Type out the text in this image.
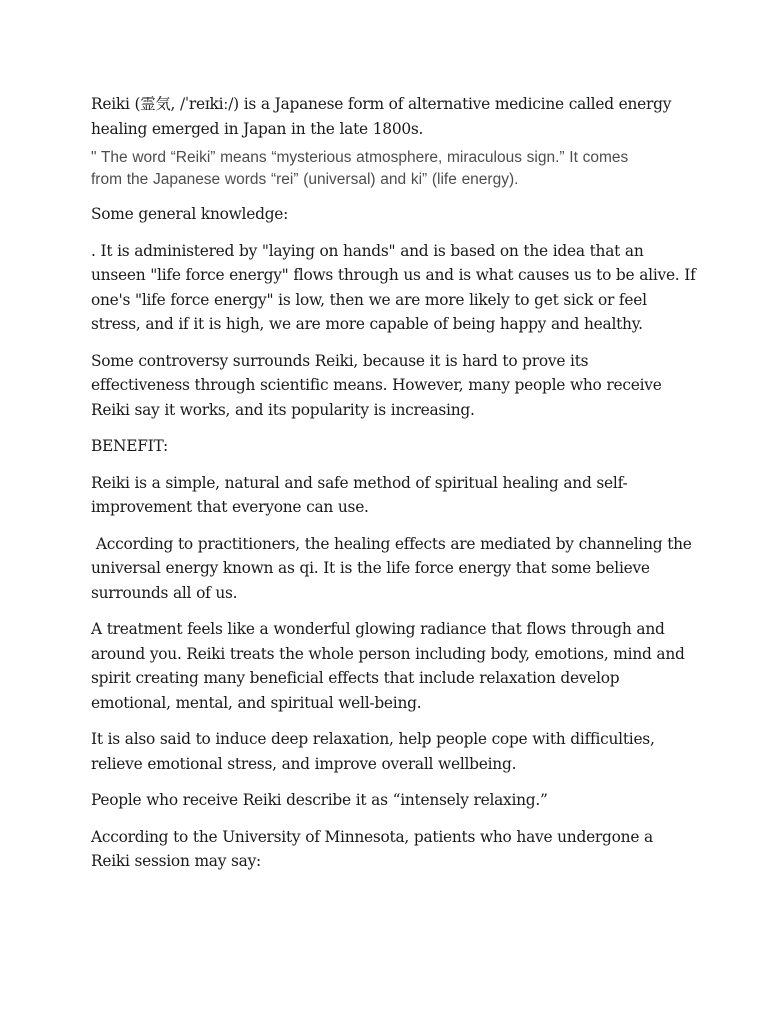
Reiki (霊気, /ˈreɪkiː/) is a Japanese form of alternative medicine called energy
healing emerged in Japan in the late 1800s.

" The word “Reiki” means “mysterious atmosphere, miraculous sign.” It comes
from the Japanese words “rei” (universal) and ki” (life energy).

Some general knowledge:

. It is administered by "laying on hands" and is based on the idea that an
unseen "life force energy" flows through us and is what causes us to be alive. If
one's "life force energy" is low, then we are more likely to get sick or feel
stress, and if it is high, we are more capable of being happy and healthy.

Some controversy surrounds Reiki, because it is hard to prove its
effectiveness through scientific means. However, many people who receive
Reiki say it works, and its popularity is increasing.

BENEFIT:

Reiki is a simple, natural and safe method of spiritual healing and self-
improvement that everyone can use.

According to practitioners, the healing effects are mediated by channeling the
universal energy known as qi. It is the life force energy that some believe
surrounds all of us.

A treatment feels like a wonderful glowing radiance that flows through and
around you. Reiki treats the whole person including body, emotions, mind and
spirit creating many beneficial effects that include relaxation develop
emotional, mental, and spiritual well-being.

It is also said to induce deep relaxation, help people cope with difficulties,
relieve emotional stress, and improve overall wellbeing.

People who receive Reiki describe it as “intensely relaxing.”

According to the University of Minnesota, patients who have undergone a
Reiki session may say:
